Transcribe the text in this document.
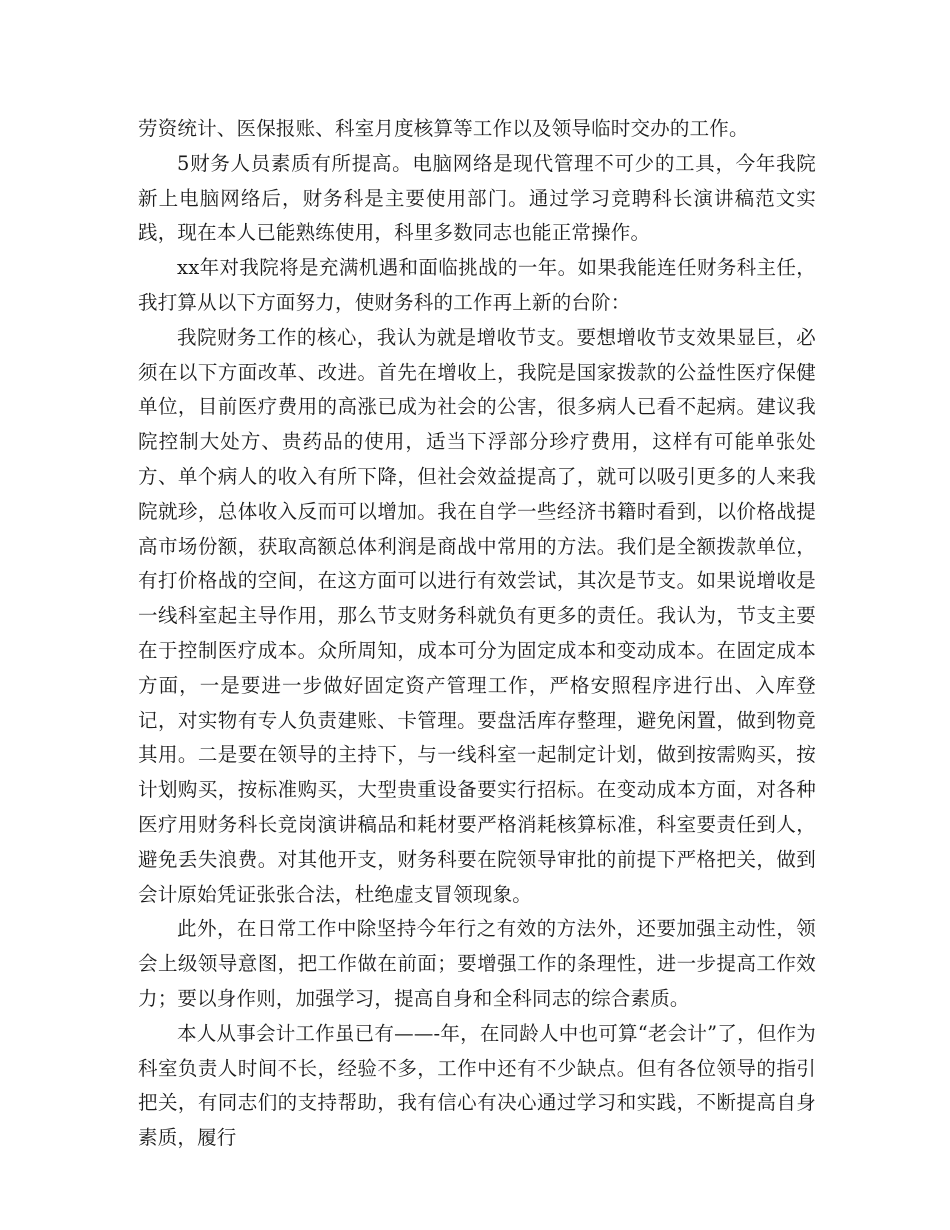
劳资统计、医保报账、科室月度核算等工作以及领导临时交办的工作。

5财务人员素质有所提高。电脑网络是现代管理不可少的工具，今年我院新上电脑网络后，财务科是主要使用部门。通过学习竞聘科长演讲稿范文实践，现在本人已能熟练使用，科里多数同志也能正常操作。

xx年对我院将是充满机遇和面临挑战的一年。如果我能连任财务科主任，我打算从以下方面努力，使财务科的工作再上新的台阶：

我院财务工作的核心，我认为就是增收节支。要想增收节支效果显巨，必须在以下方面改革、改进。首先在增收上，我院是国家拨款的公益性医疗保健单位，目前医疗费用的高涨已成为社会的公害，很多病人已看不起病。建议我院控制大处方、贵药品的使用，适当下浮部分珍疗费用，这样有可能单张处方、单个病人的收入有所下降，但社会效益提高了，就可以吸引更多的人来我院就珍，总体收入反而可以增加。我在自学一些经济书籍时看到，以价格战提高市场份额，获取高额总体利润是商战中常用的方法。我们是全额拨款单位，有打价格战的空间，在这方面可以进行有效尝试，其次是节支。如果说增收是一线科室起主导作用，那么节支财务科就负有更多的责任。我认为，节支主要在于控制医疗成本。众所周知，成本可分为固定成本和变动成本。在固定成本方面，一是要进一步做好固定资产管理工作，严格安照程序进行出、入库登记，对实物有专人负责建账、卡管理。要盘活库存整理，避免闲置，做到物竟其用。二是要在领导的主持下，与一线科室一起制定计划，做到按需购买，按计划购买，按标准购买，大型贵重设备要实行招标。在变动成本方面，对各种医疗用财务科长竞岗演讲稿品和耗材要严格消耗核算标准，科室要责任到人，避免丢失浪费。对其他开支，财务科要在院领导审批的前提下严格把关，做到会计原始凭证张张合法，杜绝虚支冒领现象。

此外，在日常工作中除坚持今年行之有效的方法外，还要加强主动性，领会上级领导意图，把工作做在前面；要增强工作的条理性，进一步提高工作效力；要以身作则，加强学习，提高自身和全科同志的综合素质。

本人从事会计工作虽已有——-年，在同龄人中也可算“老会计”了，但作为科室负责人时间不长，经验不多，工作中还有不少缺点。但有各位领导的指引把关，有同志们的支持帮助，我有信心有决心通过学习和实践，不断提高自身素质，履行
